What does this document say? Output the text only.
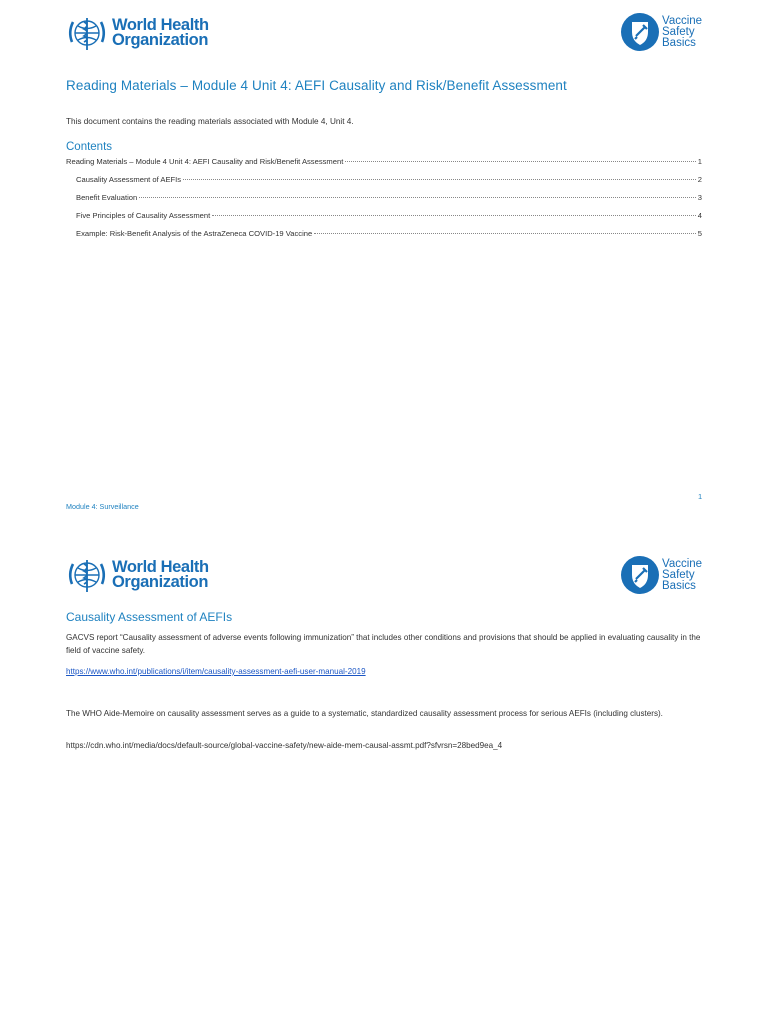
World Health
Organization
Vaccine
Safety
Basics
Reading Materials – Module 4 Unit 4: AEFI Causality and Risk/Benefit Assessment

This document contains the reading materials associated with Module 4, Unit 4.

Contents
Reading Materials – Module 4 Unit 4: AEFI Causality and Risk/Benefit Assessment	1
Causality Assessment of AEFIs	2
Benefit Evaluation	3
Five Principles of Causality Assessment	4
Example: Risk-Benefit Analysis of the AstraZeneca COVID-19 Vaccine	5
1
Module 4: Surveillance
World Health
Organization
Vaccine
Safety
Basics
Causality Assessment of AEFIs

GACVS report “Causality assessment of adverse events following immunization” that includes other conditions and provisions that should be applied in evaluating causality in the field of vaccine safety.

https://www.who.int/publications/i/item/causality-assessment-aefi-user-manual-2019

The WHO Aide-Memoire on causality assessment serves as a guide to a systematic, standardized causality assessment process for serious AEFIs (including clusters).

https://cdn.who.int/media/docs/default-source/global-vaccine-safety/new-aide-mem-causal-assmt.pdf?sfvrsn=28bed9ea_4
